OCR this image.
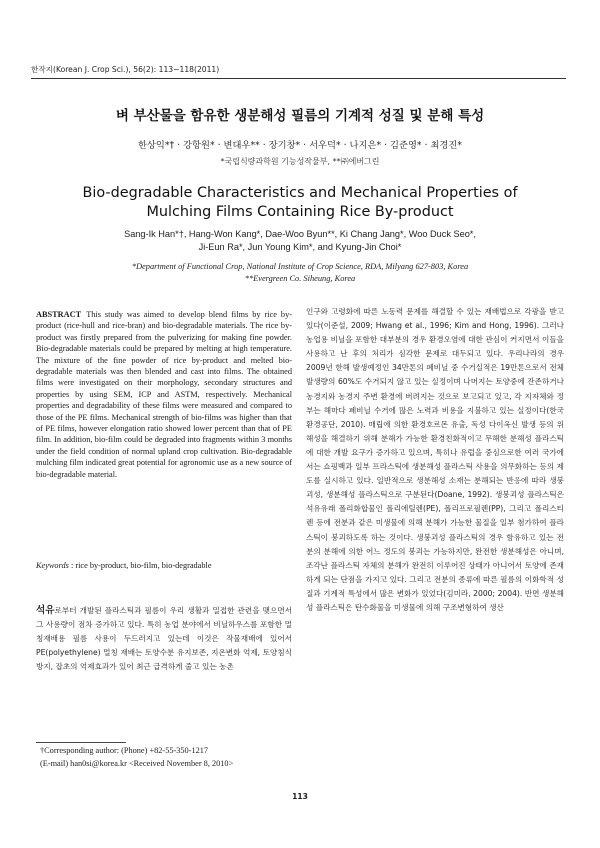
한작지(Korean J. Crop Sci.), 56(2): 113~118(2011)
벼 부산물을 함유한 생분해성 필름의 기계적 성질 및 분해 특성
한상익*† · 강항원* · 변대우** · 장기창* · 서우덕* · 나지은* · 김준영* · 최경진*
*국립식량과학원 기능성작물부, **㈜에버그린
Bio-degradable Characteristics and Mechanical Properties of
Mulching Films Containing Rice By-product
Sang-Ik Han*†, Hang-Won Kang*, Dae-Woo Byun**, Ki Chang Jang*, Woo Duck Seo*,
Ji-Eun Ra*, Jun Young Kim*, and Kyung-Jin Choi*
*Department of Functional Crop, National Institute of Crop Science, RDA, Milyang 627-803, Korea
**Evergreen Co. Siheung, Korea
ABSTRACT This study was aimed to develop blend films by rice by-product (rice-hull and rice-bran) and bio-degradable materials. The rice by-product was firstly prepared from the pulverizing for making fine powder. Bio-degradable materials could be prepared by melting at high temperature. The mixture of the fine powder of rice by-product and melted bio-degradable materials was then blended and cast into films. The obtained films were investigated on their morphology, secondary structures and properties by using SEM, ICP and ASTM, respectively. Mechanical properties and degradability of these films were measured and compared to those of the PE films. Mechanical strength of bio-films was higher than that of PE films, however elongation ratio showed lower percent than that of PE film. In addition, bio-film could be degraded into fragments within 3 months under the field condition of normal upland crop cultivation. Bio-degradable mulching film indicated great potential for agronomic use as a new source of bio-degradable material.
Keywords : rice by-product, bio-film, bio-degradable
석유로부터 개발된 플라스틱과 필름이 우리 생활과 밀접한 관련을 맺으면서 그 사용량이 점차 증가하고 있다. 특히 농업 분야에서 비닐하우스를 포함한 멀칭재배용 필름 사용이 두드러지고 있는데 이것은 작물재배에 있어서 PE(polyethylene) 멀칭 재배는 토양수분 유지보존, 지온변화 억제, 토양침식 방지, 잡초의 억제효과가 있어 최근 급격하게 줄고 있는 농촌
인구와 고령화에 따른 노동력 문제를 해결할 수 있는 재배법으로 각광을 받고 있다(이준설, 2009; Hwang et al., 1996; Kim and Hong, 1996). 그러나 농업용 비닐을 포함한 대부분의 경우 환경오염에 대한 관심이 커지면서 이들을 사용하고 난 후의 처리가 심각한 문제로 대두되고 있다. 우리나라의 경우 2009년 한해 발생예정인 34만톤의 폐비닐 중 수거실적은 19만톤으로서 전체 발생량의 60%도 수거되지 않고 있는 실정이며 나머지는 토양중에 잔존하거나 농경지와 농경지 주변 환경에 버려지는 것으로 보고되고 있고, 각 지자체와 정부는 해마다 폐비닐 수거에 많은 노력과 비용을 지불하고 있는 실정이다(한국환경공단, 2010). 매립에 의한 환경호르몬 유출, 독성 다이옥신 발생 등의 위해성을 해결하기 위해 분해가 가능한 환경친화적이고 무해한 분해성 플라스틱에 대한 개발 요구가 증가하고 있으며, 특히나 유럽을 중심으로한 여러 국가에서는 쇼핑백과 일부 프라스틱에 생분해성 플라스틱 사용을 의무화하는 등의 제도를 실시하고 있다. 일반적으로 생분해성 소재는 분해되는 반응에 따라 생붕괴성, 생분해성 플라스틱으로 구분된다(Doane, 1992). 생붕괴성 플라스틱은 석유유래 폴리화합물인 폴리에틸렌(PE), 폴리프로필렌(PP), 그리고 폴리스티렌 등에 전분과 같은 미생물에 의해 분해가 가능한 물질을 일부 첨가하여 플라스틱이 붕괴하도록 하는 것이다. 생붕괴성 플라스틱의 경우 함유하고 있는 전분의 분해에 의한 어느 정도의 붕괴는 가능하지만, 완전한 생분해성은 아니며, 조각난 플라스틱 자체의 분해가 완전히 이루어진 상태가 아니어서 토양에 존재하게 되는 단점을 가지고 있다. 그리고 전분의 종류에 따른 필름의 이화학적 성질과 기계적 특성에서 많은 변화가 있었다(김미라, 2000; 2004). 반면 생분해성 플라스틱은 탄수화물을 미생물에 의해 구조변형하여 생산
†Corresponding author: (Phone) +82-55-350-1217
(E-mail) han0si@korea.kr <Received November 8, 2010>
113
